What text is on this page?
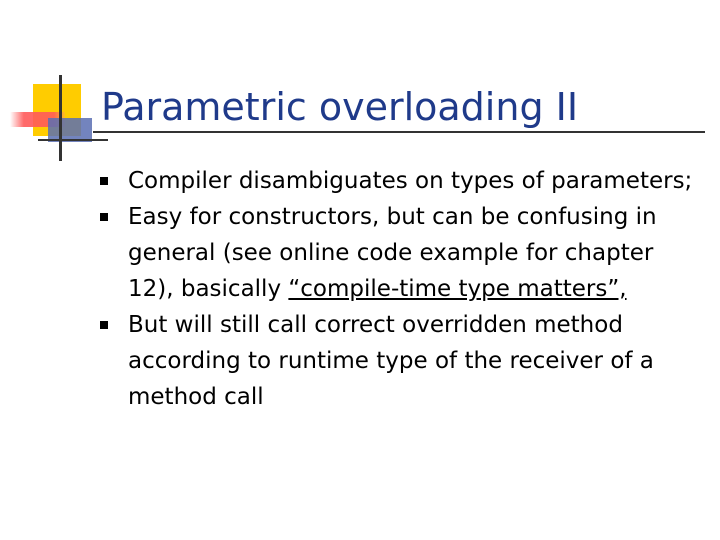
Parametric overloading II
Compiler disambiguates on types of parameters;
Easy for constructors, but can be confusing in general (see online code example for chapter 12), basically “compile-time type matters”,
But will still call correct overridden method according to runtime type of the receiver of a method call
